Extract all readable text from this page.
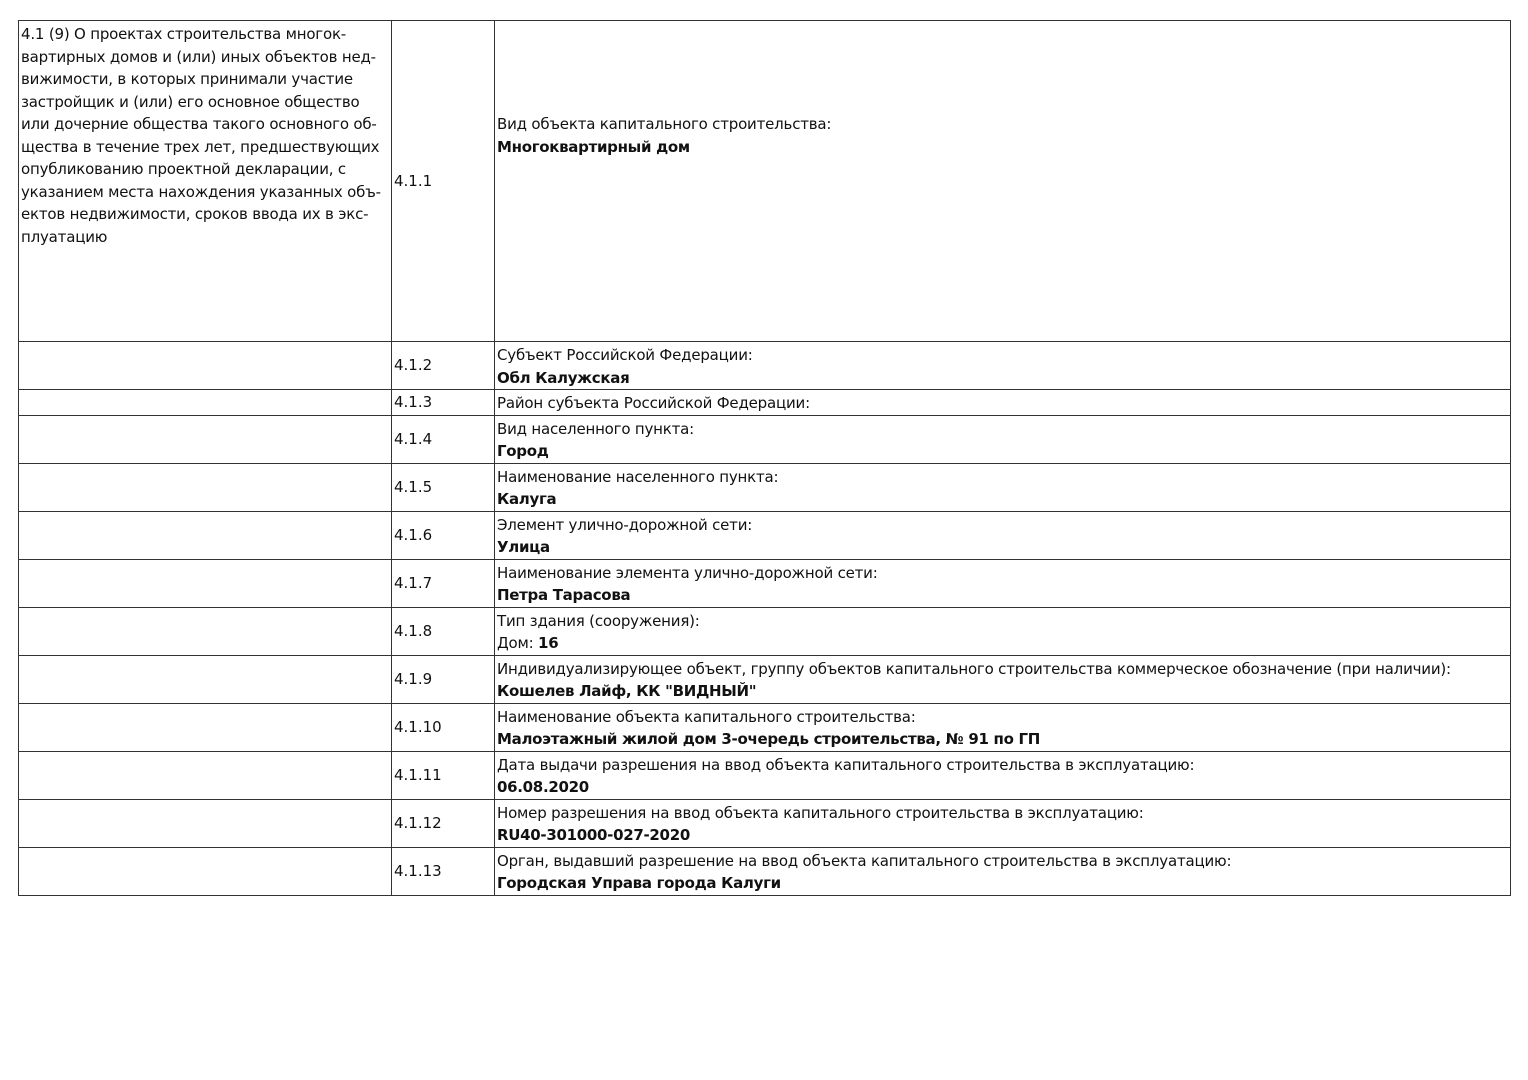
4.1 (9) О проектах строительства многок-
вартирных домов и (или) иных объектов нед-
вижимости, в которых принимали участие
застройщик и (или) его основное общество
или дочерние общества такого основного об-
щества в течение трех лет, предшествующих
опубликованию проектной декларации, с
указанием места нахождения указанных объ-
ектов недвижимости, сроков ввода их в экс-
плуатацию
	4.1.1	
Вид объекта капитального строительства:
Многоквартирный дом

	4.1.2	Субъект Российской Федерации:
Обл Калужская

	4.1.3	Район субъекта Российской Федерации:

	4.1.4	Вид населенного пункта:
Город

	4.1.5	Наименование населенного пункта:
Калуга

	4.1.6	Элемент улично-дорожной сети:
Улица

	4.1.7	Наименование элемента улично-дорожной сети:
Петра Тарасова

	4.1.8	Тип здания (сооружения):
Дом: 16

	4.1.9	Индивидуализирующее объект, группу объектов капитального строительства коммерческое обозначение (при наличии):
Кошелев Лайф, КК "ВИДНЫЙ"

	4.1.10	Наименование объекта капитального строительства:
Малоэтажный жилой дом 3-очередь строительства, № 91 по ГП

	4.1.11	Дата выдачи разрешения на ввод объекта капитального строительства в эксплуатацию:
06.08.2020

	4.1.12	Номер разрешения на ввод объекта капитального строительства в эксплуатацию:
RU40-301000-027-2020

	4.1.13	Орган, выдавший разрешение на ввод объекта капитального строительства в эксплуатацию:
Городская Управа города Калуги
